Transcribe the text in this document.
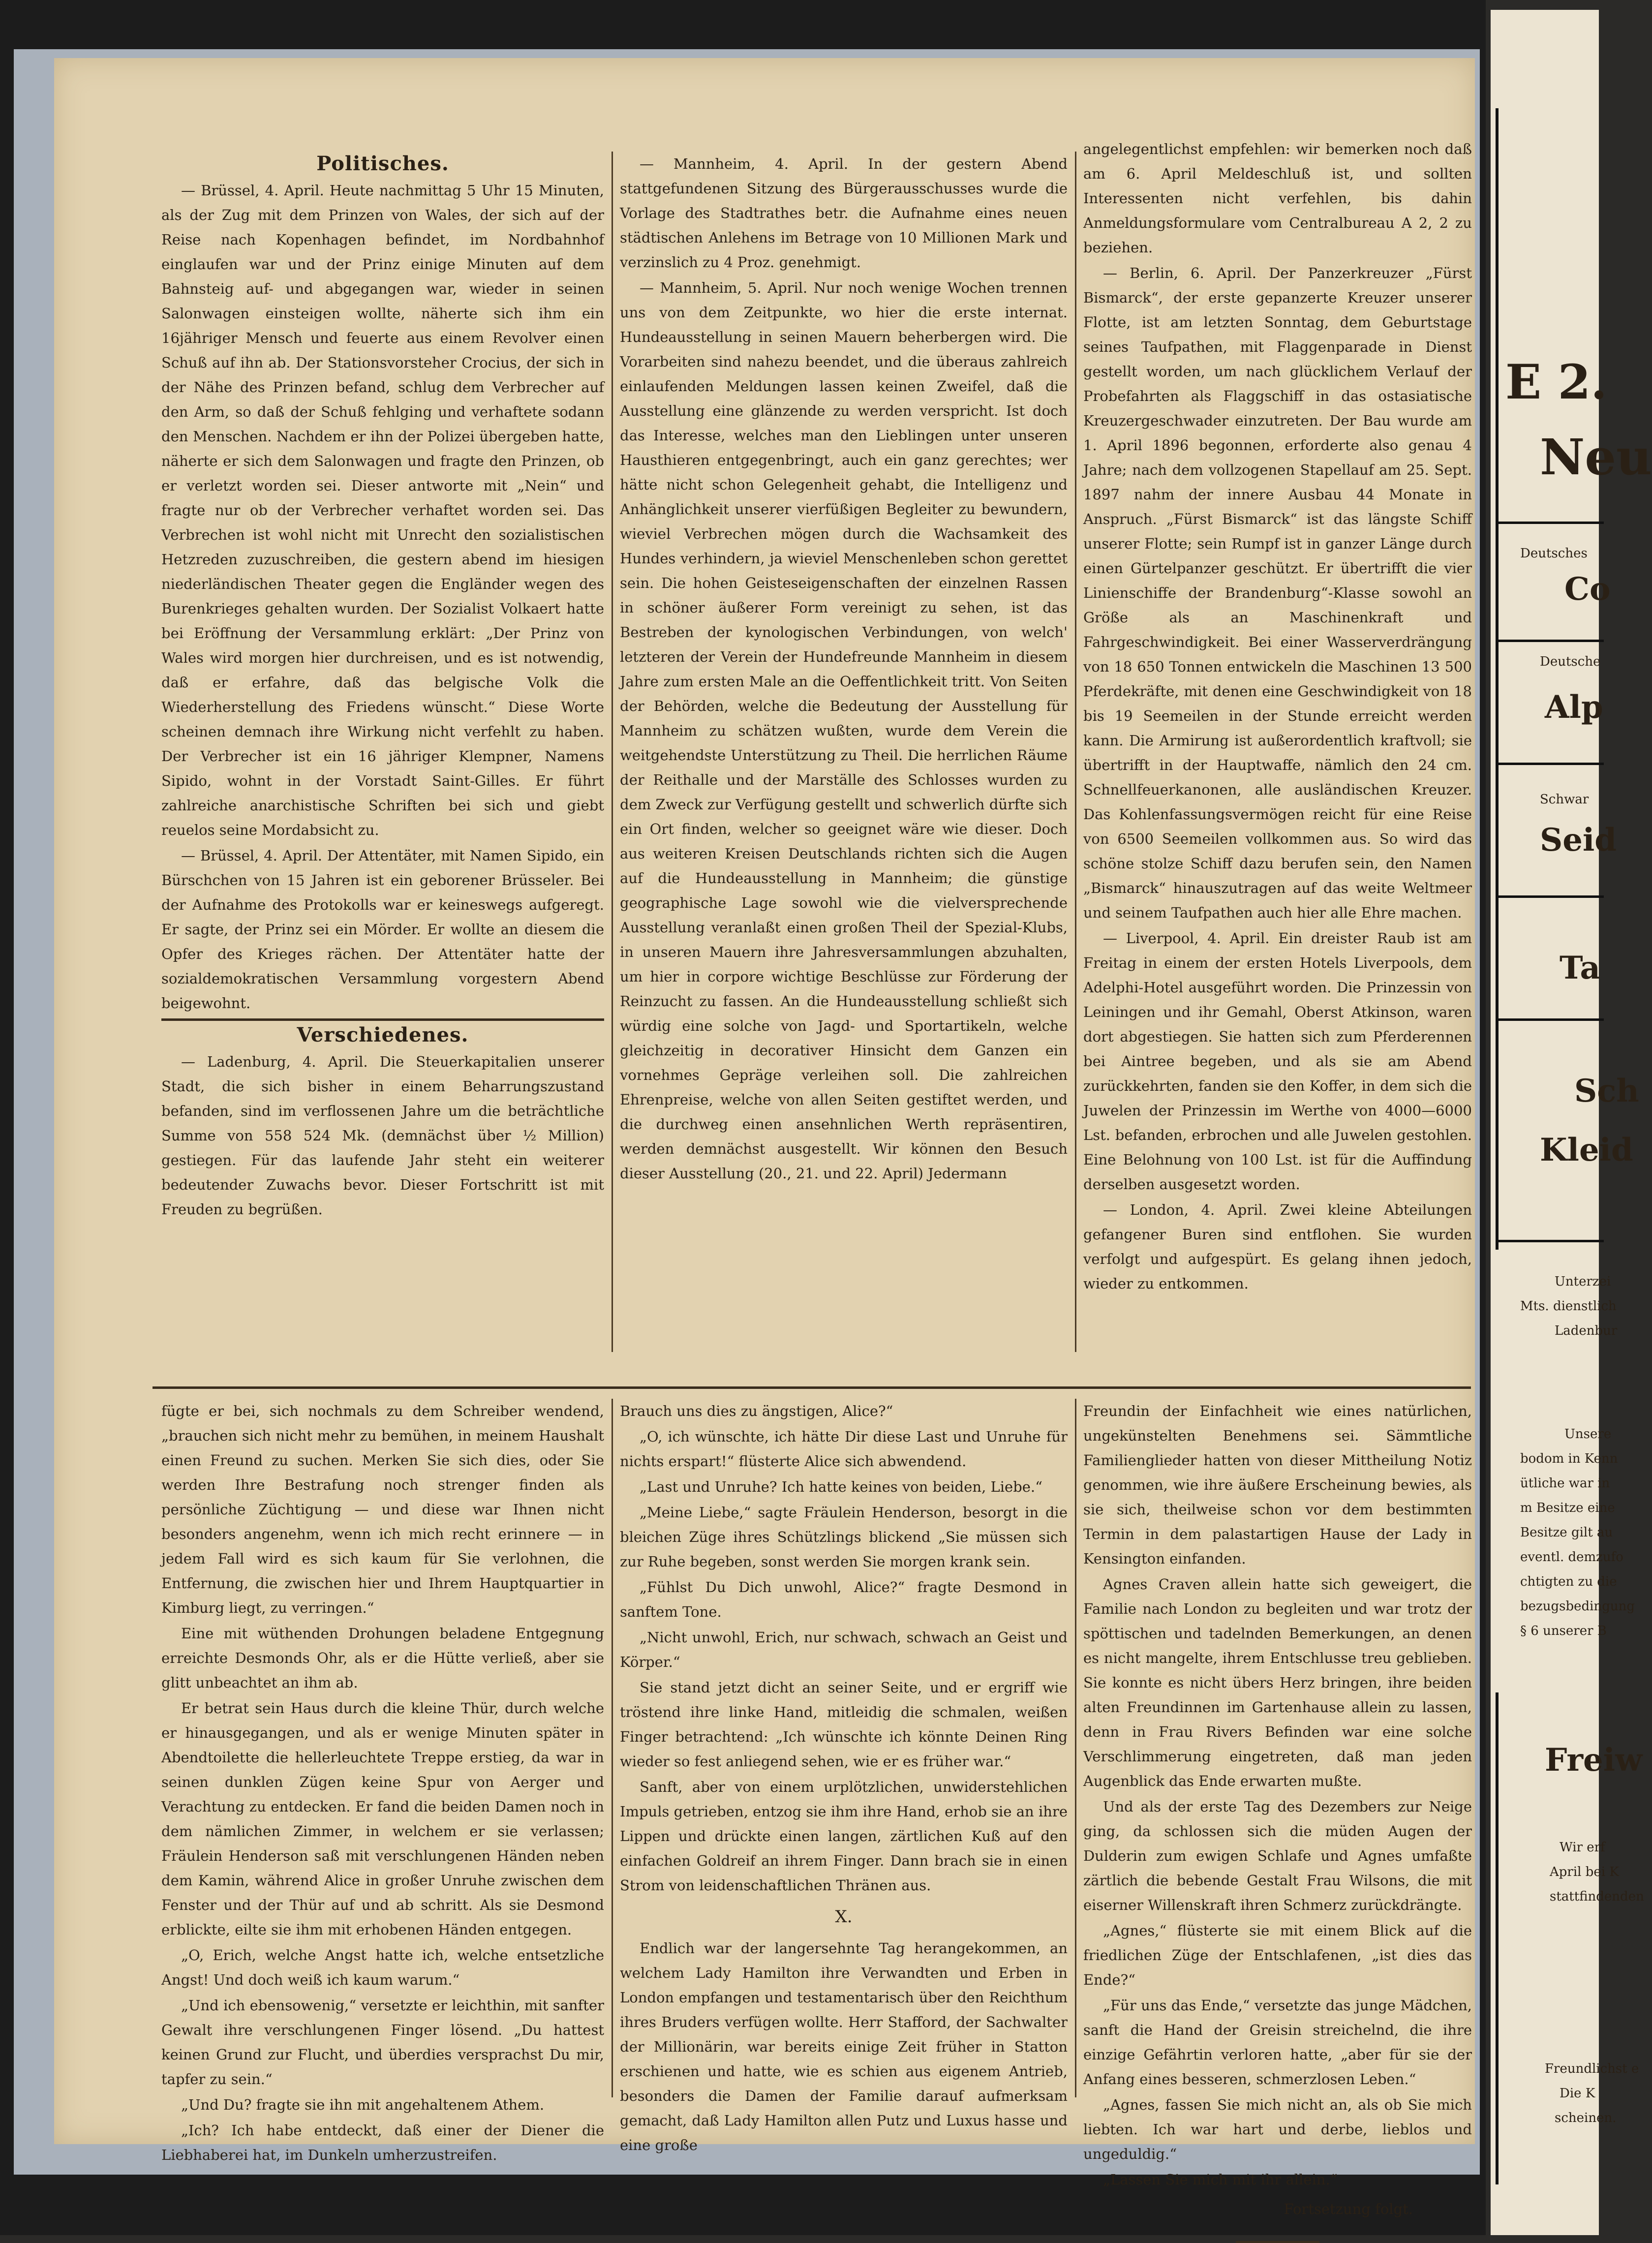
Politisches.

— Brüssel, 4. April. Heute nachmittag 5 Uhr 15 Minuten, als der Zug mit dem Prinzen von Wales, der sich auf der Reise nach Kopenhagen befindet, im Nordbahnhof einglaufen war und der Prinz einige Minuten auf dem Bahnsteig auf- und abgegangen war, wieder in seinen Salonwagen einsteigen wollte, näherte sich ihm ein 16jähriger Mensch und feuerte aus einem Revolver einen Schuß auf ihn ab. Der Stationsvorsteher Crocius, der sich in der Nähe des Prinzen befand, schlug dem Verbrecher auf den Arm, so daß der Schuß fehlging und verhaftete sodann den Menschen. Nachdem er ihn der Polizei übergeben hatte, näherte er sich dem Salonwagen und fragte den Prinzen, ob er verletzt worden sei. Dieser antworte mit „Nein“ und fragte nur ob der Verbrecher verhaftet worden sei. Das Verbrechen ist wohl nicht mit Unrecht den sozialistischen Hetzreden zuzuschreiben, die gestern abend im hiesigen niederländischen Theater gegen die Engländer wegen des Burenkrieges gehalten wurden. Der Sozialist Volkaert hatte bei Eröffnung der Versammlung erklärt: „Der Prinz von Wales wird morgen hier durchreisen, und es ist notwendig, daß er erfahre, daß das belgische Volk die Wiederherstellung des Friedens wünscht.“ Diese Worte scheinen demnach ihre Wirkung nicht verfehlt zu haben. Der Verbrecher ist ein 16 jähriger Klempner, Namens Sipido, wohnt in der Vorstadt Saint-Gilles. Er führt zahlreiche anarchistische Schriften bei sich und giebt reuelos seine Mordabsicht zu.

— Brüssel, 4. April. Der Attentäter, mit Namen Sipido, ein Bürschchen von 15 Jahren ist ein geborener Brüsseler. Bei der Aufnahme des Protokolls war er keineswegs aufgeregt. Er sagte, der Prinz sei ein Mörder. Er wollte an diesem die Opfer des Krieges rächen. Der Attentäter hatte der sozialdemokratischen Versammlung vorgestern Abend beigewohnt.

Verschiedenes.

— Ladenburg, 4. April. Die Steuerkapitalien unserer Stadt, die sich bisher in einem Beharrungszustand befanden, sind im verflossenen Jahre um die beträchtliche Summe von 558 524 Mk. (demnächst über ½ Million) gestiegen. Für das laufende Jahr steht ein weiterer bedeutender Zuwachs bevor. Dieser Fortschritt ist mit Freuden zu begrüßen.

— Mannheim, 4. April. In der gestern Abend stattgefundenen Sitzung des Bürgerausschusses wurde die Vorlage des Stadtrathes betr. die Aufnahme eines neuen städtischen Anlehens im Betrage von 10 Millionen Mark und verzinslich zu 4 Proz. genehmigt.

— Mannheim, 5. April. Nur noch wenige Wochen trennen uns von dem Zeitpunkte, wo hier die erste internat. Hundeausstellung in seinen Mauern beherbergen wird. Die Vorarbeiten sind nahezu beendet, und die überaus zahlreich einlaufenden Meldungen lassen keinen Zweifel, daß die Ausstellung eine glänzende zu werden verspricht. Ist doch das Interesse, welches man den Lieblingen unter unseren Hausthieren entgegenbringt, auch ein ganz gerechtes; wer hätte nicht schon Gelegenheit gehabt, die Intelligenz und Anhänglichkeit unserer vierfüßigen Begleiter zu bewundern, wieviel Verbrechen mögen durch die Wachsamkeit des Hundes verhindern, ja wieviel Menschenleben schon gerettet sein. Die hohen Geisteseigenschaften der einzelnen Rassen in schöner äußerer Form vereinigt zu sehen, ist das Bestreben der kynologischen Verbindungen, von welch' letzteren der Verein der Hundefreunde Mannheim in diesem Jahre zum ersten Male an die Oeffentlichkeit tritt. Von Seiten der Behörden, welche die Bedeutung der Ausstellung für Mannheim zu schätzen wußten, wurde dem Verein die weitgehendste Unterstützung zu Theil. Die herrlichen Räume der Reithalle und der Marställe des Schlosses wurden zu dem Zweck zur Verfügung gestellt und schwerlich dürfte sich ein Ort finden, welcher so geeignet wäre wie dieser. Doch aus weiteren Kreisen Deutschlands richten sich die Augen auf die Hundeausstellung in Mannheim; die günstige geographische Lage sowohl wie die vielversprechende Ausstellung veranlaßt einen großen Theil der Spezial-Klubs, in unseren Mauern ihre Jahresversammlungen abzuhalten, um hier in corpore wichtige Beschlüsse zur Förderung der Reinzucht zu fassen. An die Hundeausstellung schließt sich würdig eine solche von Jagd- und Sportartikeln, welche gleichzeitig in decorativer Hinsicht dem Ganzen ein vornehmes Gepräge verleihen soll. Die zahlreichen Ehrenpreise, welche von allen Seiten gestiftet werden, und die durchweg einen ansehnlichen Werth repräsentiren, werden demnächst ausgestellt. Wir können den Besuch dieser Ausstellung (20., 21. und 22. April) Jedermann

angelegentlichst empfehlen: wir bemerken noch daß am 6. April Meldeschluß ist, und sollten Interessenten nicht verfehlen, bis dahin Anmeldungsformulare vom Centralbureau A 2, 2 zu beziehen.

— Berlin, 6. April. Der Panzerkreuzer „Fürst Bismarck“, der erste gepanzerte Kreuzer unserer Flotte, ist am letzten Sonntag, dem Geburtstage seines Taufpathen, mit Flaggenparade in Dienst gestellt worden, um nach glücklichem Verlauf der Probefahrten als Flaggschiff in das ostasiatische Kreuzergeschwader einzutreten. Der Bau wurde am 1. April 1896 begonnen, erforderte also genau 4 Jahre; nach dem vollzogenen Stapellauf am 25. Sept. 1897 nahm der innere Ausbau 44 Monate in Anspruch. „Fürst Bismarck“ ist das längste Schiff unserer Flotte; sein Rumpf ist in ganzer Länge durch einen Gürtelpanzer geschützt. Er übertrifft die vier Linienschiffe der Brandenburg“-Klasse sowohl an Größe als an Maschinenkraft und Fahrgeschwindigkeit. Bei einer Wasserverdrängung von 18 650 Tonnen entwickeln die Maschinen 13 500 Pferdekräfte, mit denen eine Geschwindigkeit von 18 bis 19 Seemeilen in der Stunde erreicht werden kann. Die Armirung ist außerordentlich kraftvoll; sie übertrifft in der Hauptwaffe, nämlich den 24 cm. Schnellfeuerkanonen, alle ausländischen Kreuzer. Das Kohlenfassungsvermögen reicht für eine Reise von 6500 Seemeilen vollkommen aus. So wird das schöne stolze Schiff dazu berufen sein, den Namen „Bismarck“ hinauszutragen auf das weite Weltmeer und seinem Taufpathen auch hier alle Ehre machen.

— Liverpool, 4. April. Ein dreister Raub ist am Freitag in einem der ersten Hotels Liverpools, dem Adelphi-Hotel ausgeführt worden. Die Prinzessin von Leiningen und ihr Gemahl, Oberst Atkinson, waren dort abgestiegen. Sie hatten sich zum Pferderennen bei Aintree begeben, und als sie am Abend zurückkehrten, fanden sie den Koffer, in dem sich die Juwelen der Prinzessin im Werthe von 4000—6000 Lst. befanden, erbrochen und alle Juwelen gestohlen. Eine Belohnung von 100 Lst. ist für die Auffindung derselben ausgesetzt worden.

— London, 4. April. Zwei kleine Abteilungen gefangener Buren sind entflohen. Sie wurden verfolgt und aufgespürt. Es gelang ihnen jedoch, wieder zu entkommen.

fügte er bei, sich nochmals zu dem Schreiber wendend, „brauchen sich nicht mehr zu bemühen, in meinem Haushalt einen Freund zu suchen. Merken Sie sich dies, oder Sie werden Ihre Bestrafung noch strenger finden als persönliche Züchtigung — und diese war Ihnen nicht besonders angenehm, wenn ich mich recht erinnere — in jedem Fall wird es sich kaum für Sie verlohnen, die Entfernung, die zwischen hier und Ihrem Hauptquartier in Kimburg liegt, zu verringen.“

Eine mit wüthenden Drohungen beladene Entgegnung erreichte Desmonds Ohr, als er die Hütte verließ, aber sie glitt unbeachtet an ihm ab.

Er betrat sein Haus durch die kleine Thür, durch welche er hinausgegangen, und als er wenige Minuten später in Abendtoilette die hellerleuchtete Treppe erstieg, da war in seinen dunklen Zügen keine Spur von Aerger und Verachtung zu entdecken. Er fand die beiden Damen noch in dem nämlichen Zimmer, in welchem er sie verlassen; Fräulein Henderson saß mit verschlungenen Händen neben dem Kamin, während Alice in großer Unruhe zwischen dem Fenster und der Thür auf und ab schritt. Als sie Desmond erblickte, eilte sie ihm mit erhobenen Händen entgegen.

„O, Erich, welche Angst hatte ich, welche entsetzliche Angst! Und doch weiß ich kaum warum.“

„Und ich ebensowenig,“ versetzte er leichthin, mit sanfter Gewalt ihre verschlungenen Finger lösend. „Du hattest keinen Grund zur Flucht, und überdies versprachst Du mir, tapfer zu sein.“

„Und Du? fragte sie ihn mit angehaltenem Athem.

„Ich? Ich habe entdeckt, daß einer der Diener die Liebhaberei hat, im Dunkeln umherzustreifen.

Brauch uns dies zu ängstigen, Alice?“

„O, ich wünschte, ich hätte Dir diese Last und Unruhe für nichts erspart!“ flüsterte Alice sich abwendend.

„Last und Unruhe? Ich hatte keines von beiden, Liebe.“

„Meine Liebe,“ sagte Fräulein Henderson, besorgt in die bleichen Züge ihres Schützlings blickend „Sie müssen sich zur Ruhe begeben, sonst werden Sie morgen krank sein.

„Fühlst Du Dich unwohl, Alice?“ fragte Desmond in sanftem Tone.

„Nicht unwohl, Erich, nur schwach, schwach an Geist und Körper.“

Sie stand jetzt dicht an seiner Seite, und er ergriff wie tröstend ihre linke Hand, mitleidig die schmalen, weißen Finger betrachtend: „Ich wünschte ich könnte Deinen Ring wieder so fest anliegend sehen, wie er es früher war.“

Sanft, aber von einem urplötzlichen, unwiderstehlichen Impuls getrieben, entzog sie ihm ihre Hand, erhob sie an ihre Lippen und drückte einen langen, zärtlichen Kuß auf den einfachen Goldreif an ihrem Finger. Dann brach sie in einen Strom von leidenschaftlichen Thränen aus.

X.

Endlich war der langersehnte Tag herangekommen, an welchem Lady Hamilton ihre Verwandten und Erben in London empfangen und testamentarisch über den Reichthum ihres Bruders verfügen wollte. Herr Stafford, der Sachwalter der Millionärin, war bereits einige Zeit früher in Statton erschienen und hatte, wie es schien aus eigenem Antrieb, besonders die Damen der Familie darauf aufmerksam gemacht, daß Lady Hamilton allen Putz und Luxus hasse und eine große

Freundin der Einfachheit wie eines natürlichen, ungekünstelten Benehmens sei. Sämmtliche Familienglieder hatten von dieser Mittheilung Notiz genommen, wie ihre äußere Erscheinung bewies, als sie sich, theilweise schon vor dem bestimmten Termin in dem palastartigen Hause der Lady in Kensington einfanden.

Agnes Craven allein hatte sich geweigert, die Familie nach London zu begleiten und war trotz der spöttischen und tadelnden Bemerkungen, an denen es nicht mangelte, ihrem Entschlusse treu geblieben. Sie konnte es nicht übers Herz bringen, ihre beiden alten Freundinnen im Gartenhause allein zu lassen, denn in Frau Rivers Befinden war eine solche Verschlimmerung eingetreten, daß man jeden Augenblick das Ende erwarten mußte.

Und als der erste Tag des Dezembers zur Neige ging, da schlossen sich die müden Augen der Dulderin zum ewigen Schlafe und Agnes umfaßte zärtlich die bebende Gestalt Frau Wilsons, die mit eiserner Willenskraft ihren Schmerz zurückdrängte.

„Agnes,“ flüsterte sie mit einem Blick auf die friedlichen Züge der Entschlafenen, „ist dies das Ende?“

„Für uns das Ende,“ versetzte das junge Mädchen, sanft die Hand der Greisin streichelnd, die ihre einzige Gefährtin verloren hatte, „aber für sie der Anfang eines besseren, schmerzlosen Leben.“

„Agnes, fassen Sie mich nicht an, als ob Sie mich liebten. Ich war hart und derbe, lieblos und ungeduldig.“

„Lassen Sie mich mit ihr allein.“

Fortsetzung folgt.
E 2.
Neu
Deutsches
Co
Deutsche
Alp
Schwar
Seid
Ta
Sch
Kleid
Unterzei
Mts. dienstlich
Ladenbur
Unsere
bodom in Kenn
ütliche war in
m Besitze eine
Besitze gilt au
eventl. demzufo
chtigten zu die
bezugsbedingung
§ 6 unserer B
Freiw
Wir erf
April bei K
stattfindenden
Freundlichst e
Die K
scheinen.
